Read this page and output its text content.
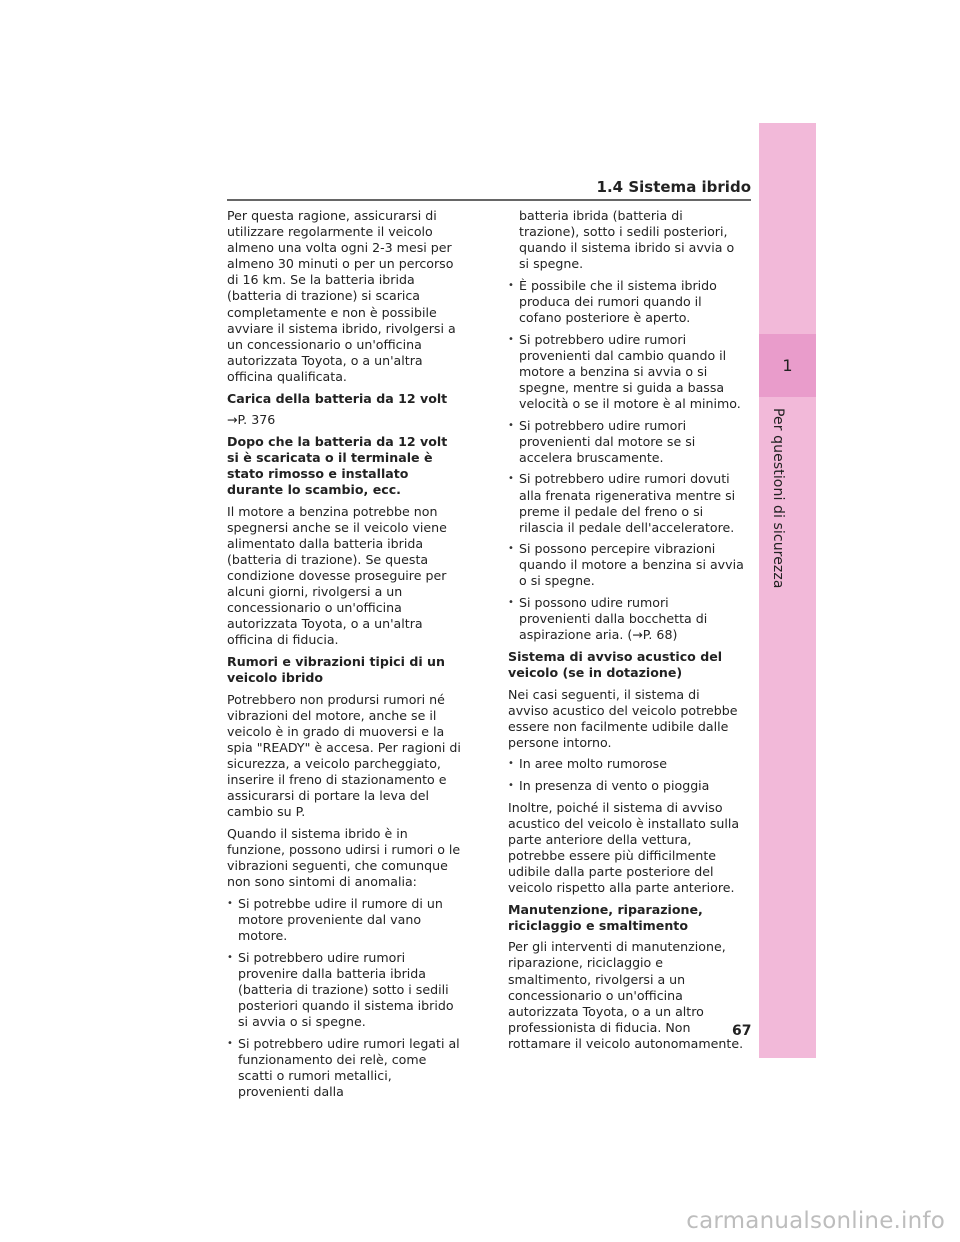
1
Per questioni di sicurezza
1.4 Sistema ibrido

Per questa ragione, assicurarsi di utilizzare regolarmente il veicolo almeno una volta ogni 2-3 mesi per almeno 30 minuti o per un percorso di 16 km. Se la batteria ibrida (batteria di trazione) si scarica completamente e non è possibile avviare il sistema ibrido, rivolgersi a un concessionario o un'officina autorizzata Toyota, o a un'altra officina qualificata.

Carica della batteria da 12 volt

→P. 376

Dopo che la batteria da 12 volt si è scaricata o il terminale è stato rimosso e installato durante lo scambio, ecc.

Il motore a benzina potrebbe non spegnersi anche se il veicolo viene alimentato dalla batteria ibrida (batteria di trazione). Se questa condizione dovesse proseguire per alcuni giorni, rivolgersi a un concessionario o un'officina autorizzata Toyota, o a un'altra officina di fiducia.

Rumori e vibrazioni tipici di un veicolo ibrido

Potrebbero non prodursi rumori né vibrazioni del motore, anche se il veicolo è in grado di muoversi e la spia "READY" è accesa. Per ragioni di sicurezza, a veicolo parcheggiato, inserire il freno di stazionamento e assicurarsi di portare la leva del cambio su P.

Quando il sistema ibrido è in funzione, possono udirsi i rumori o le vibrazioni seguenti, che comunque non sono sintomi di anomalia:

• Si potrebbe udire il rumore di un motore proveniente dal vano motore.
• Si potrebbero udire rumori provenire dalla batteria ibrida (batteria di trazione) sotto i sedili posteriori quando il sistema ibrido si avvia o si spegne.
• Si potrebbero udire rumori legati al funzionamento dei relè, come scatti o rumori metallici, provenienti dalla
batteria ibrida (batteria di trazione), sotto i sedili posteriori, quando il sistema ibrido si avvia o si spegne.
• È possibile che il sistema ibrido produca dei rumori quando il cofano posteriore è aperto.
• Si potrebbero udire rumori provenienti dal cambio quando il motore a benzina si avvia o si spegne, mentre si guida a bassa velocità o se il motore è al minimo.
• Si potrebbero udire rumori provenienti dal motore se si accelera bruscamente.
• Si potrebbero udire rumori dovuti alla frenata rigenerativa mentre si preme il pedale del freno o si rilascia il pedale dell'acceleratore.
• Si possono percepire vibrazioni quando il motore a benzina si avvia o si spegne.
• Si possono udire rumori provenienti dalla bocchetta di aspirazione aria. (→P. 68)

Sistema di avviso acustico del veicolo (se in dotazione)

Nei casi seguenti, il sistema di avviso acustico del veicolo potrebbe essere non facilmente udibile dalle persone intorno.

• In aree molto rumorose
• In presenza di vento o pioggia

Inoltre, poiché il sistema di avviso acustico del veicolo è installato sulla parte anteriore della vettura, potrebbe essere più difficilmente udibile dalla parte posteriore del veicolo rispetto alla parte anteriore.

Manutenzione, riparazione, riciclaggio e smaltimento

Per gli interventi di manutenzione, riparazione, riciclaggio e smaltimento, rivolgersi a un concessionario o un'officina autorizzata Toyota, o a un altro professionista di fiducia. Non rottamare il veicolo autonomamente.

67
carmanualsonline.info
